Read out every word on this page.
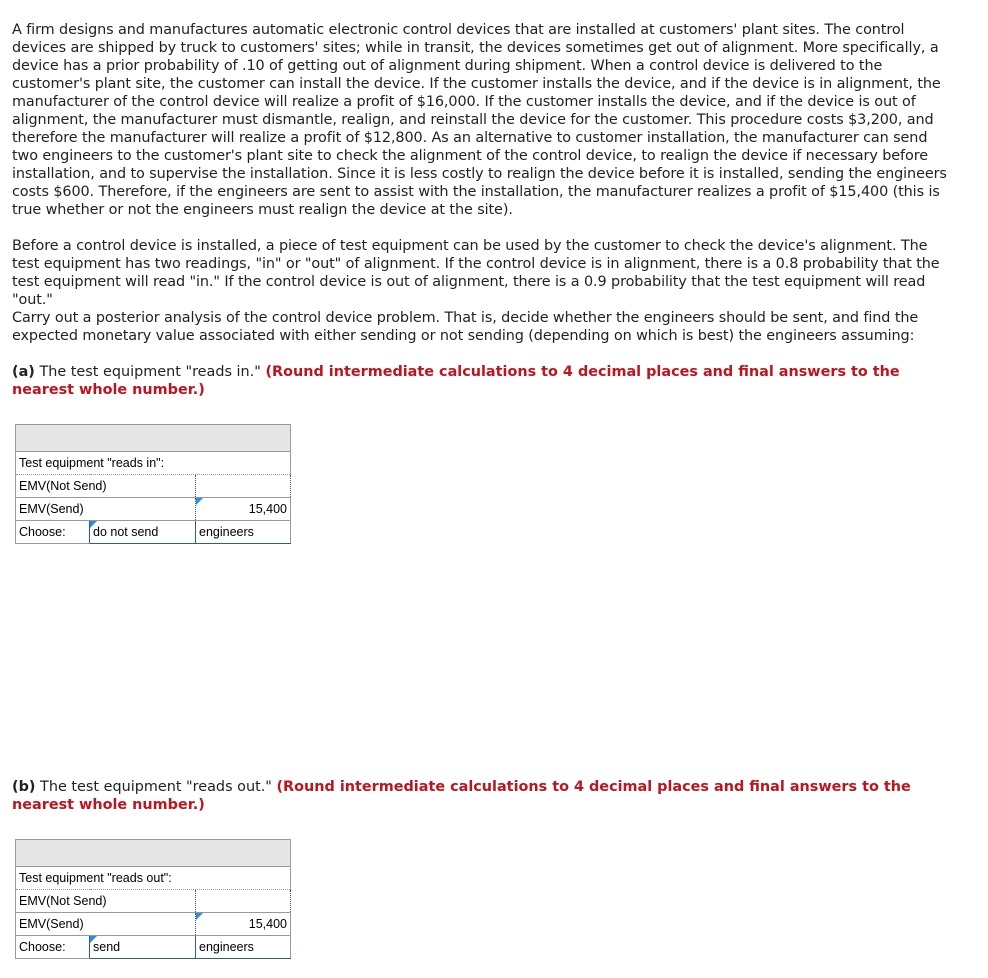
A firm designs and manufactures automatic electronic control devices that are installed at customers' plant sites. The control devices are shipped by truck to customers' sites; while in transit, the devices sometimes get out of alignment. More specifically, a device has a prior probability of .10 of getting out of alignment during shipment. When a control device is delivered to the customer's plant site, the customer can install the device. If the customer installs the device, and if the device is in alignment, the manufacturer of the control device will realize a profit of $16,000. If the customer installs the device, and if the device is out of alignment, the manufacturer must dismantle, realign, and reinstall the device for the customer. This procedure costs $3,200, and therefore the manufacturer will realize a profit of $12,800. As an alternative to customer installation, the manufacturer can send two engineers to the customer's plant site to check the alignment of the control device, to realign the device if necessary before installation, and to supervise the installation. Since it is less costly to realign the device before it is installed, sending the engineers costs $600. Therefore, if the engineers are sent to assist with the installation, the manufacturer realizes a profit of $15,400 (this is true whether or not the engineers must realign the device at the site).

Before a control device is installed, a piece of test equipment can be used by the customer to check the device's alignment. The test equipment has two readings, "in" or "out" of alignment. If the control device is in alignment, there is a 0.8 probability that the test equipment will read "in." If the control device is out of alignment, there is a 0.9 probability that the test equipment will read "out."

Carry out a posterior analysis of the control device problem. That is, decide whether the engineers should be sent, and find the expected monetary value associated with either sending or not sending (depending on which is best) the engineers assuming:

(a) The test equipment "reads in." (Round intermediate calculations to 4 decimal places and final answers to the nearest whole number.)

Test equipment "reads in":		
EMV(Not Send)		
EMV(Send)		15,400
Choose:	do not send	engineers

(b) The test equipment "reads out." (Round intermediate calculations to 4 decimal places and final answers to the nearest whole number.)

Test equipment "reads out":		
EMV(Not Send)		
EMV(Send)		15,400
Choose:	send	engineers
